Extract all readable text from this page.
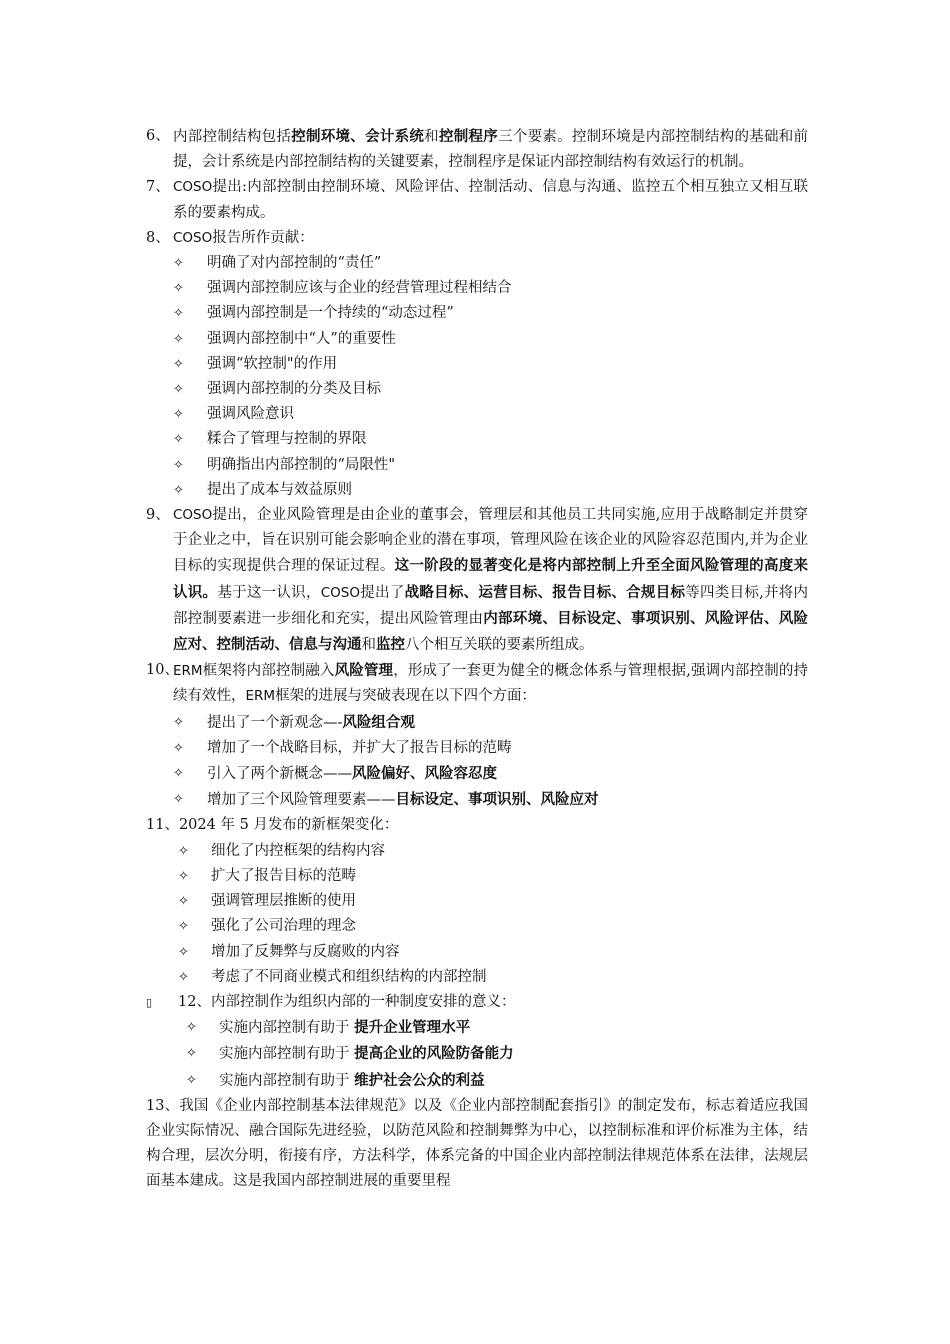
6、 内部控制结构包括控制环境、会计系统和控制程序三个要素。控制环境是内部控制结构的基础和前提，会计系统是内部控制结构的关键要素，控制程序是保证内部控制结构有效运行的机制。

7、 COSO提出:内部控制由控制环境、风险评估、控制活动、信息与沟通、监控五个相互独立又相互联系的要素构成。

8、 COSO报告所作贡献：

✧ 明确了对内部控制的“责任”

✧ 强调内部控制应该与企业的经营管理过程相结合

✧ 强调内部控制是一个持续的“动态过程”

✧ 强调内部控制中“人”的重要性

✧ 强调“软控制"的作用

✧ 强调内部控制的分类及目标

✧ 强调风险意识

✧ 糅合了管理与控制的界限

✧ 明确指出内部控制的“局限性"

✧ 提出了成本与效益原则

9、 COSO提出，企业风险管理是由企业的董事会，管理层和其他员工共同实施,应用于战略制定并贯穿于企业之中，旨在识别可能会影响企业的潜在事项，管理风险在该企业的风险容忍范围内,并为企业目标的实现提供合理的保证过程。这一阶段的显著变化是将内部控制上升至全面风险管理的高度来认识。基于这一认识，COSO提出了战略目标、运营目标、报告目标、合规目标等四类目标,并将内部控制要素进一步细化和充实，提出风险管理由内部环境、目标设定、事项识别、风险评估、风险应对、控制活动、信息与沟通和监控八个相互关联的要素所组成。

10、
ERM框架将内部控制融入风险管理，形成了一套更为健全的概念体系与管理根据,强调内部控制的持续有效性，ERM框架的进展与突破表现在以下四个方面：

✧ 提出了一个新观念—-风险组合观

✧ 增加了一个战略目标，并扩大了报告目标的范畴

✧ 引入了两个新概念——风险偏好、风险容忍度

✧ 增加了三个风险管理要素——目标设定、事项识别、风险应对

11、2024 年 5 月发布的新框架变化：

✧ 细化了内控框架的结构内容

✧ 扩大了报告目标的范畴

✧ 强调管理层推断的使用

✧ 强化了公司治理的理念

✧ 增加了反舞弊与反腐败的内容

✧ 考虑了不同商业模式和组织结构的内部控制

▯ 12、内部控制作为组织内部的一种制度安排的意义：

✧ 实施内部控制有助于 提升企业管理水平

✧ 实施内部控制有助于 提高企业的风险防备能力

✧ 实施内部控制有助于 维护社会公众的利益

13、我国《企业内部控制基本法律规范》以及《企业内部控制配套指引》的制定发布，标志着适应我国企业实际情况、融合国际先进经验，以防范风险和控制舞弊为中心，以控制标准和评价标准为主体，结构合理，层次分明，衔接有序，方法科学，体系完备的中国企业内部控制法律规范体系在法律，法规层面基本建成。这是我国内部控制进展的重要里程
